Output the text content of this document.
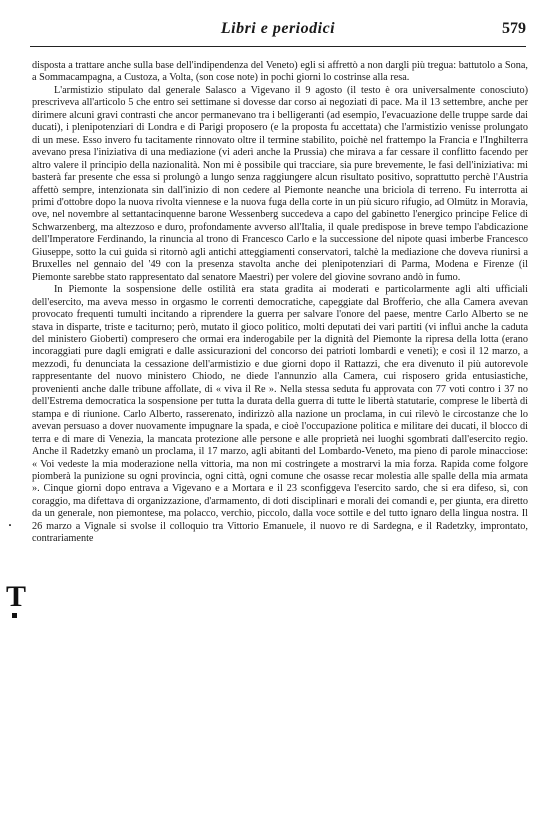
Libri e periodici	579
·
T

disposta a trattare anche sulla base dell'indipendenza del Veneto) egli si affrettò a non dargli più tregua: battutolo a Sona, a Sommacampagna, a Custoza, a Volta, (son cose note) in pochi giorni lo costrinse alla resa.

L'armistizio stipulato dal generale Salasco a Vigevano il 9 agosto (il testo è ora universalmente conosciuto) prescriveva all'articolo 5 che entro sei settimane si dovesse dar corso ai negoziati di pace. Ma il 13 settembre, anche per dirimere alcuni gravi contrasti che ancor permanevano tra i belligeranti (ad esempio, l'evacuazione delle truppe sarde dai ducati), i plenipotenziari di Londra e di Parigi proposero (e la proposta fu accettata) che l'armistizio venisse prolungato di un mese. Esso invero fu tacitamente rinnovato oltre il termine stabilito, poichè nel frattempo la Francia e l'Inghilterra avevano presa l'iniziativa di una mediazione (vi aderì anche la Prussia) che mirava a far cessare il conflitto facendo per altro valere il principio della nazionalità. Non mi è possibile qui tracciare, sia pure brevemente, le fasi dell'iniziativa: mi basterà far presente che essa si prolungò a lungo senza raggiungere alcun risultato positivo, soprattutto perchè l'Austria affettò sempre, intenzionata sin dall'inizio di non cedere al Piemonte neanche una briciola di terreno. Fu interrotta ai primi d'ottobre dopo la nuova rivolta viennese e la nuova fuga della corte in un più sicuro rifugio, ad Olmütz in Moravia, ove, nel novembre al settantacinquenne barone Wessenberg succedeva a capo del gabinetto l'energico principe Felice di Schwarzenberg, ma altezzoso e duro, profondamente avverso all'Italia, il quale predispose in breve tempo l'abdicazione dell'Imperatore Ferdinando, la rinuncia al trono di Francesco Carlo e la successione del nipote quasi imberbe Francesco Giuseppe, sotto la cui guida si ritornò agli antichi atteggiamenti conservatori, talchè la mediazione che doveva riunirsi a Bruxelles nel gennaio del '49 con la presenza stavolta anche dei plenipotenziari di Parma, Modena e Firenze (il Piemonte sarebbe stato rappresentato dal senatore Maestri) per volere del giovine sovrano andò in fumo.

In Piemonte la sospensione delle ostilità era stata gradita ai moderati e particolarmente agli alti ufficiali dell'esercito, ma aveva messo in orgasmo le correnti democratiche, capeggiate dal Brofferio, che alla Camera avevan provocato frequenti tumulti incitando a riprendere la guerra per salvare l'onore del paese, mentre Carlo Alberto se ne stava in disparte, triste e taciturno; però, mutato il gioco politico, molti deputati dei vari partiti (vi influì anche la caduta del ministero Gioberti) compresero che ormai era inderogabile per la dignità del Piemonte la ripresa della lotta (erano incoraggiati pure dagli emigrati e dalle assicurazioni del concorso dei patrioti lombardi e veneti); e così il 12 marzo, a mezzodì, fu denunciata la cessazione dell'armistizio e due giorni dopo il Rattazzi, che era divenuto il più autorevole rappresentante del nuovo ministero Chiodo, ne diede l'annunzio alla Camera, cui risposero grida entusiastiche, provenienti anche dalle tribune affollate, di « viva il Re ». Nella stessa seduta fu approvata con 77 voti contro i 37 no dell'Estrema democratica la sospensione per tutta la durata della guerra di tutte le libertà statutarie, comprese le libertà di stampa e di riunione. Carlo Alberto, rasserenato, indirizzò alla nazione un proclama, in cui rilevò le circostanze che lo avevan persuaso a dover nuovamente impugnare la spada, e cioè l'occupazione politica e militare dei ducati, il blocco di terra e di mare di Venezia, la mancata protezione alle persone e alle proprietà nei luoghi sgombrati dall'esercito regio. Anche il Radetzky emanò un proclama, il 17 marzo, agli abitanti del Lombardo-Veneto, ma pieno di parole minacciose: « Voi vedeste la mia moderazione nella vittoria, ma non mi costringete a mostrarvi la mia forza. Rapida come folgore piomberà la punizione su ogni provincia, ogni città, ogni comune che osasse recar molestia alle spalle della mia armata ». Cinque giorni dopo entrava a Vigevano e a Mortara e il 23 sconfiggeva l'esercito sardo, che si era difeso, sì, con coraggio, ma difettava di organizzazione, d'armamento, di doti disciplinari e morali dei comandi e, per giunta, era diretto da un generale, non piemontese, ma polacco, verchio, piccolo, dalla voce sottile e del tutto ignaro della lingua nostra. Il 26 marzo a Vignale si svolse il colloquio tra Vittorio Emanuele, il nuovo re di Sardegna, e il Radetzky, improntato, contrariamente
